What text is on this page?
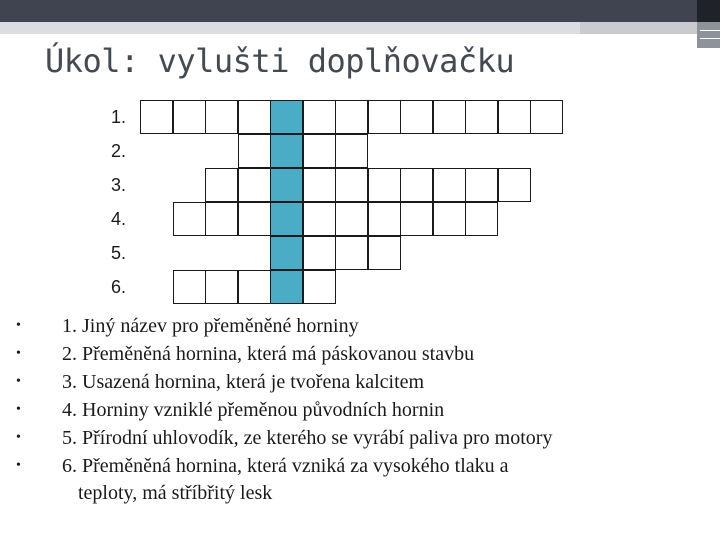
Úkol: vylušti doplňovačku
1.
2.
3.
4.
5.
6.
• 1. Jiný název pro přeměněné horniny
• 2. Přeměněná hornina, která má páskovanou stavbu
• 3. Usazená hornina, která je tvořena kalcitem
• 4. Horniny vzniklé přeměnou původních hornin
• 5. Přírodní uhlovodík, ze kterého se vyrábí paliva pro motory
• 6. Přeměněná hornina, která vzniká za vysokého tlaku a
teploty, má stříbřitý lesk
